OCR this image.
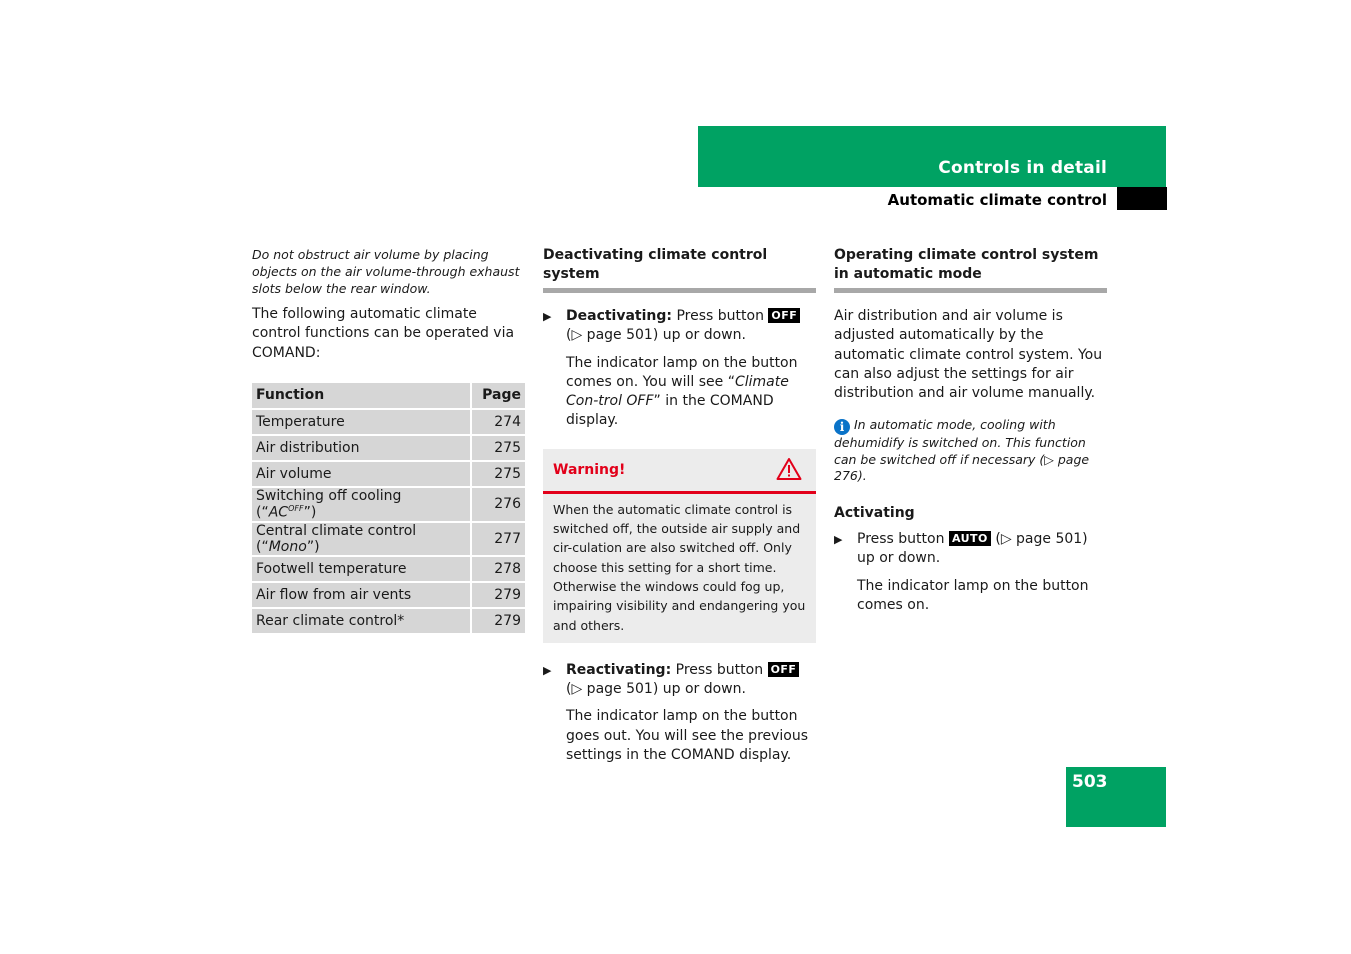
Controls in detail
Automatic climate control

Do not obstruct air volume by placing objects on the air volume-through exhaust slots below the rear window.

The following automatic climate control functions can be operated via COMAND:

Function	Page
Temperature	274
Air distribution	275
Air volume	275
Switching off cooling $(“AC^{OFF}”)$	276
Central climate control (“Mono”)	277
Footwell temperature	278
Air flow from air vents	279
Rear climate control*	279

Deactivating climate control system

▶ Deactivating: Press button OFF
(▷ page 501) up or down.

The indicator lamp on the button comes on. You will see “Climate Con-trol OFF” in the COMAND display.

Warning!
When the automatic climate control is switched off, the outside air supply and cir-culation are also switched off. Only choose this setting for a short time. Otherwise the windows could fog up, impairing visibility and endangering you and others.

▶ Reactivating: Press button OFF
(▷ page 501) up or down.

The indicator lamp on the button goes out. You will see the previous settings in the COMAND display.

Operating climate control system in automatic mode

Air distribution and air volume is adjusted automatically by the automatic climate control system. You can also adjust the settings for air distribution and air volume manually.

i In automatic mode, cooling with dehumidify is switched on. This function can be switched off if necessary (▷ page 276).

Activating

▶ Press button AUTO (▷ page 501) up or down.

The indicator lamp on the button comes on.

503
